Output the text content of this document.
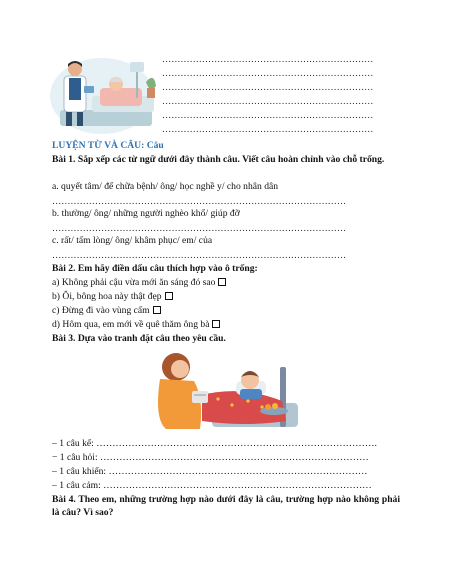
……………………………………………………………
……………………………………………………………
……………………………………………………………
……………………………………………………………
……………………………………………………………
……………………………………………………………
LUYỆN TỪ VÀ CÂU: Câu
Bài 1. Sắp xếp các từ ngữ dưới đây thành câu. Viết câu hoàn chỉnh vào chỗ trống.
a. quyết tâm/ để chữa bệnh/ ông/ học nghề y/ cho nhân dân
……………………………………………………………………………………
b. thường/ ông/ những người nghèo khổ/ giúp đỡ
……………………………………………………………………………………
c. rất/ tấm lòng/ ông/ khâm phục/ em/ của
……………………………………………………………………………………
Bài 2. Em hãy điền dấu câu thích hợp vào ô trống:
a) Không phải cậu vừa mới ăn sáng đó sao
b) Ôi, bông hoa này thật đẹp
c) Đừng đi vào vùng cấm
d) Hôm qua, em mới về quê thăm ông bà
Bài 3. Dựa vào tranh đặt câu theo yêu cầu.
– 1 câu kể: …………………………………………………………………………….
− 1 câu hỏi: …………………………………………………………………………
– 1 câu khiến: ………………………………………………………………………
– 1 câu cảm: …………………………………………………………………………
Bài 4. Theo em, những trường hợp nào dưới đây là câu, trường hợp nào không phải là câu? Vì sao?
